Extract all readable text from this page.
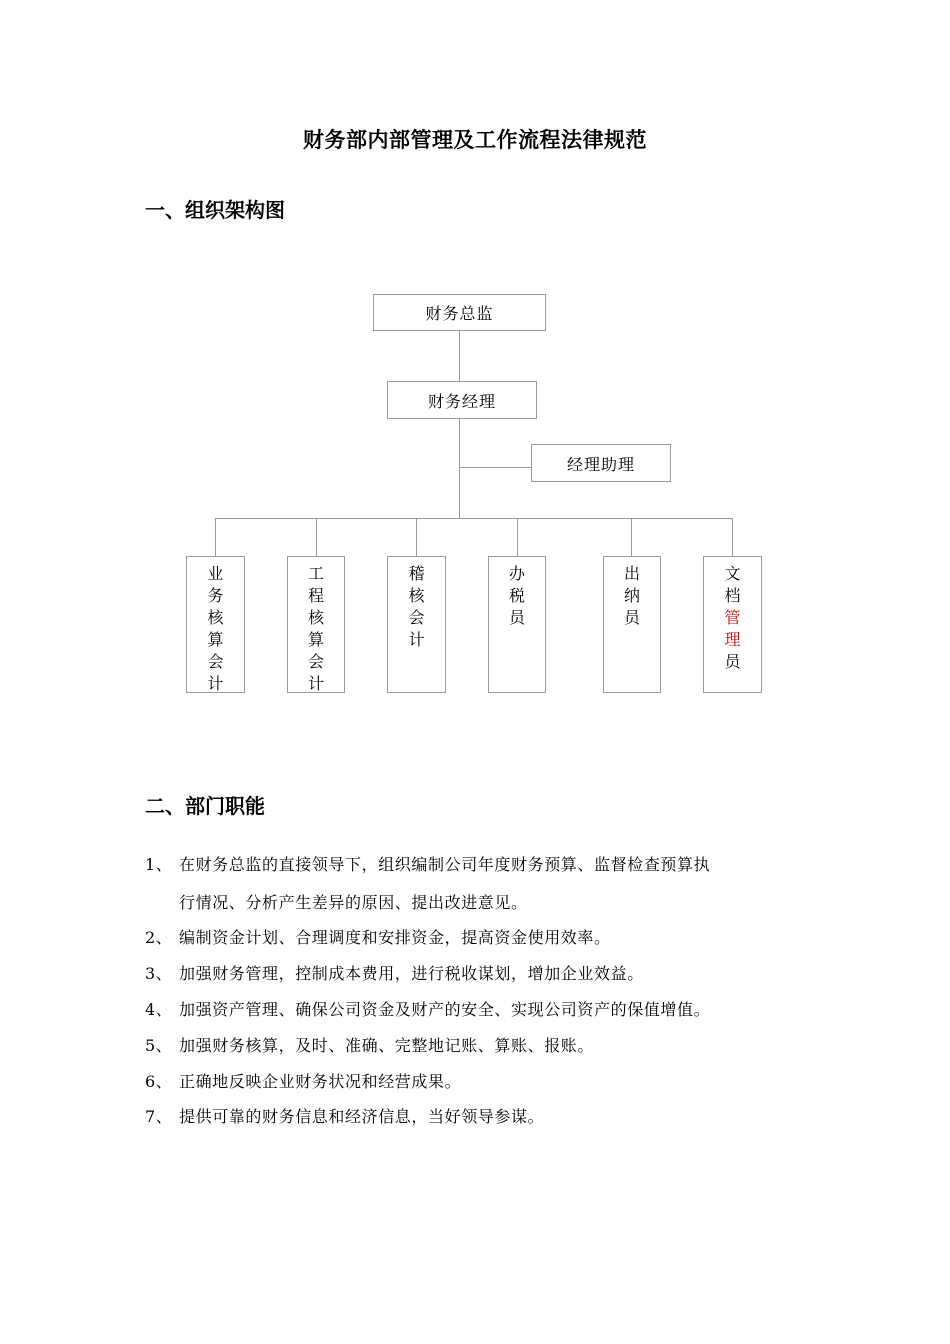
财务部内部管理及工作流程法律规范
一、组织架构图
财务总监
财务经理
经理助理
业
务
核
算
会
计
工
程
核
算
会
计
稽
核
会
计
办
税
员
出
纳
员
文
档
管
理
员
二、部门职能
1、 在财务总监的直接领导下，组织编制公司年度财务预算、监督检查预算执
行情况、分析产生差异的原因、提出改进意见。
2、 编制资金计划、合理调度和安排资金，提高资金使用效率。
3、 加强财务管理，控制成本费用，进行税收谋划，增加企业效益。
4、 加强资产管理、确保公司资金及财产的安全、实现公司资产的保值增值。
5、 加强财务核算，及时、准确、完整地记账、算账、报账。
6、 正确地反映企业财务状况和经营成果。
7、 提供可靠的财务信息和经济信息，当好领导参谋。
